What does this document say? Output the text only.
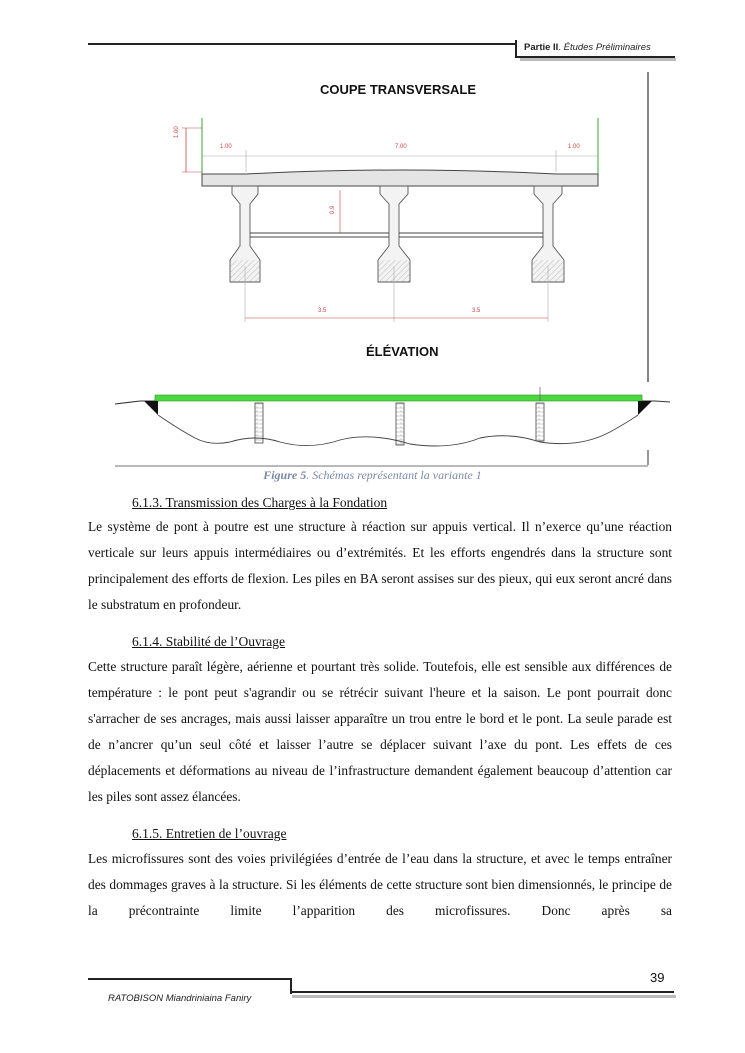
Partie II. Études Préliminaires
COUPE TRANSVERSALE
ÉLÉVATION
1.00
1.00	7.00	1.00
0.9
3.5	3.5
Figure 5. Schémas représentant la variante 1
6.1.3. Transmission des Charges à la Fondation

Le système de pont à poutre est une structure à réaction sur appuis vertical. Il n’exerce qu’une réaction verticale sur leurs appuis intermédiaires ou d’extrémités. Et les efforts engendrés dans la structure sont principalement des efforts de flexion. Les piles en BA seront assises sur des pieux, qui eux seront ancré dans le substratum en profondeur.

6.1.4. Stabilité de l’Ouvrage

Cette structure paraît légère, aérienne et pourtant très solide. Toutefois, elle est sensible aux différences de température : le pont peut s'agrandir ou se rétrécir suivant l'heure et la saison. Le pont pourrait donc s'arracher de ses ancrages, mais aussi laisser apparaître un trou entre le bord et le pont. La seule parade est de n’ancrer qu’un seul côté et laisser l’autre se déplacer suivant l’axe du pont. Les effets de ces déplacements et déformations au niveau de l’infrastructure demandent également beaucoup d’attention car les piles sont assez élancées.

6.1.5. Entretien de l’ouvrage

Les microfissures sont des voies privilégiées d’entrée de l’eau dans la structure, et avec le temps entraîner des dommages graves à la structure. Si les éléments de cette structure sont bien dimensionnés, le principe de la précontrainte limite l’apparition des microfissures. Donc après sa

39
RATOBISON Miandriniaina Faniry
